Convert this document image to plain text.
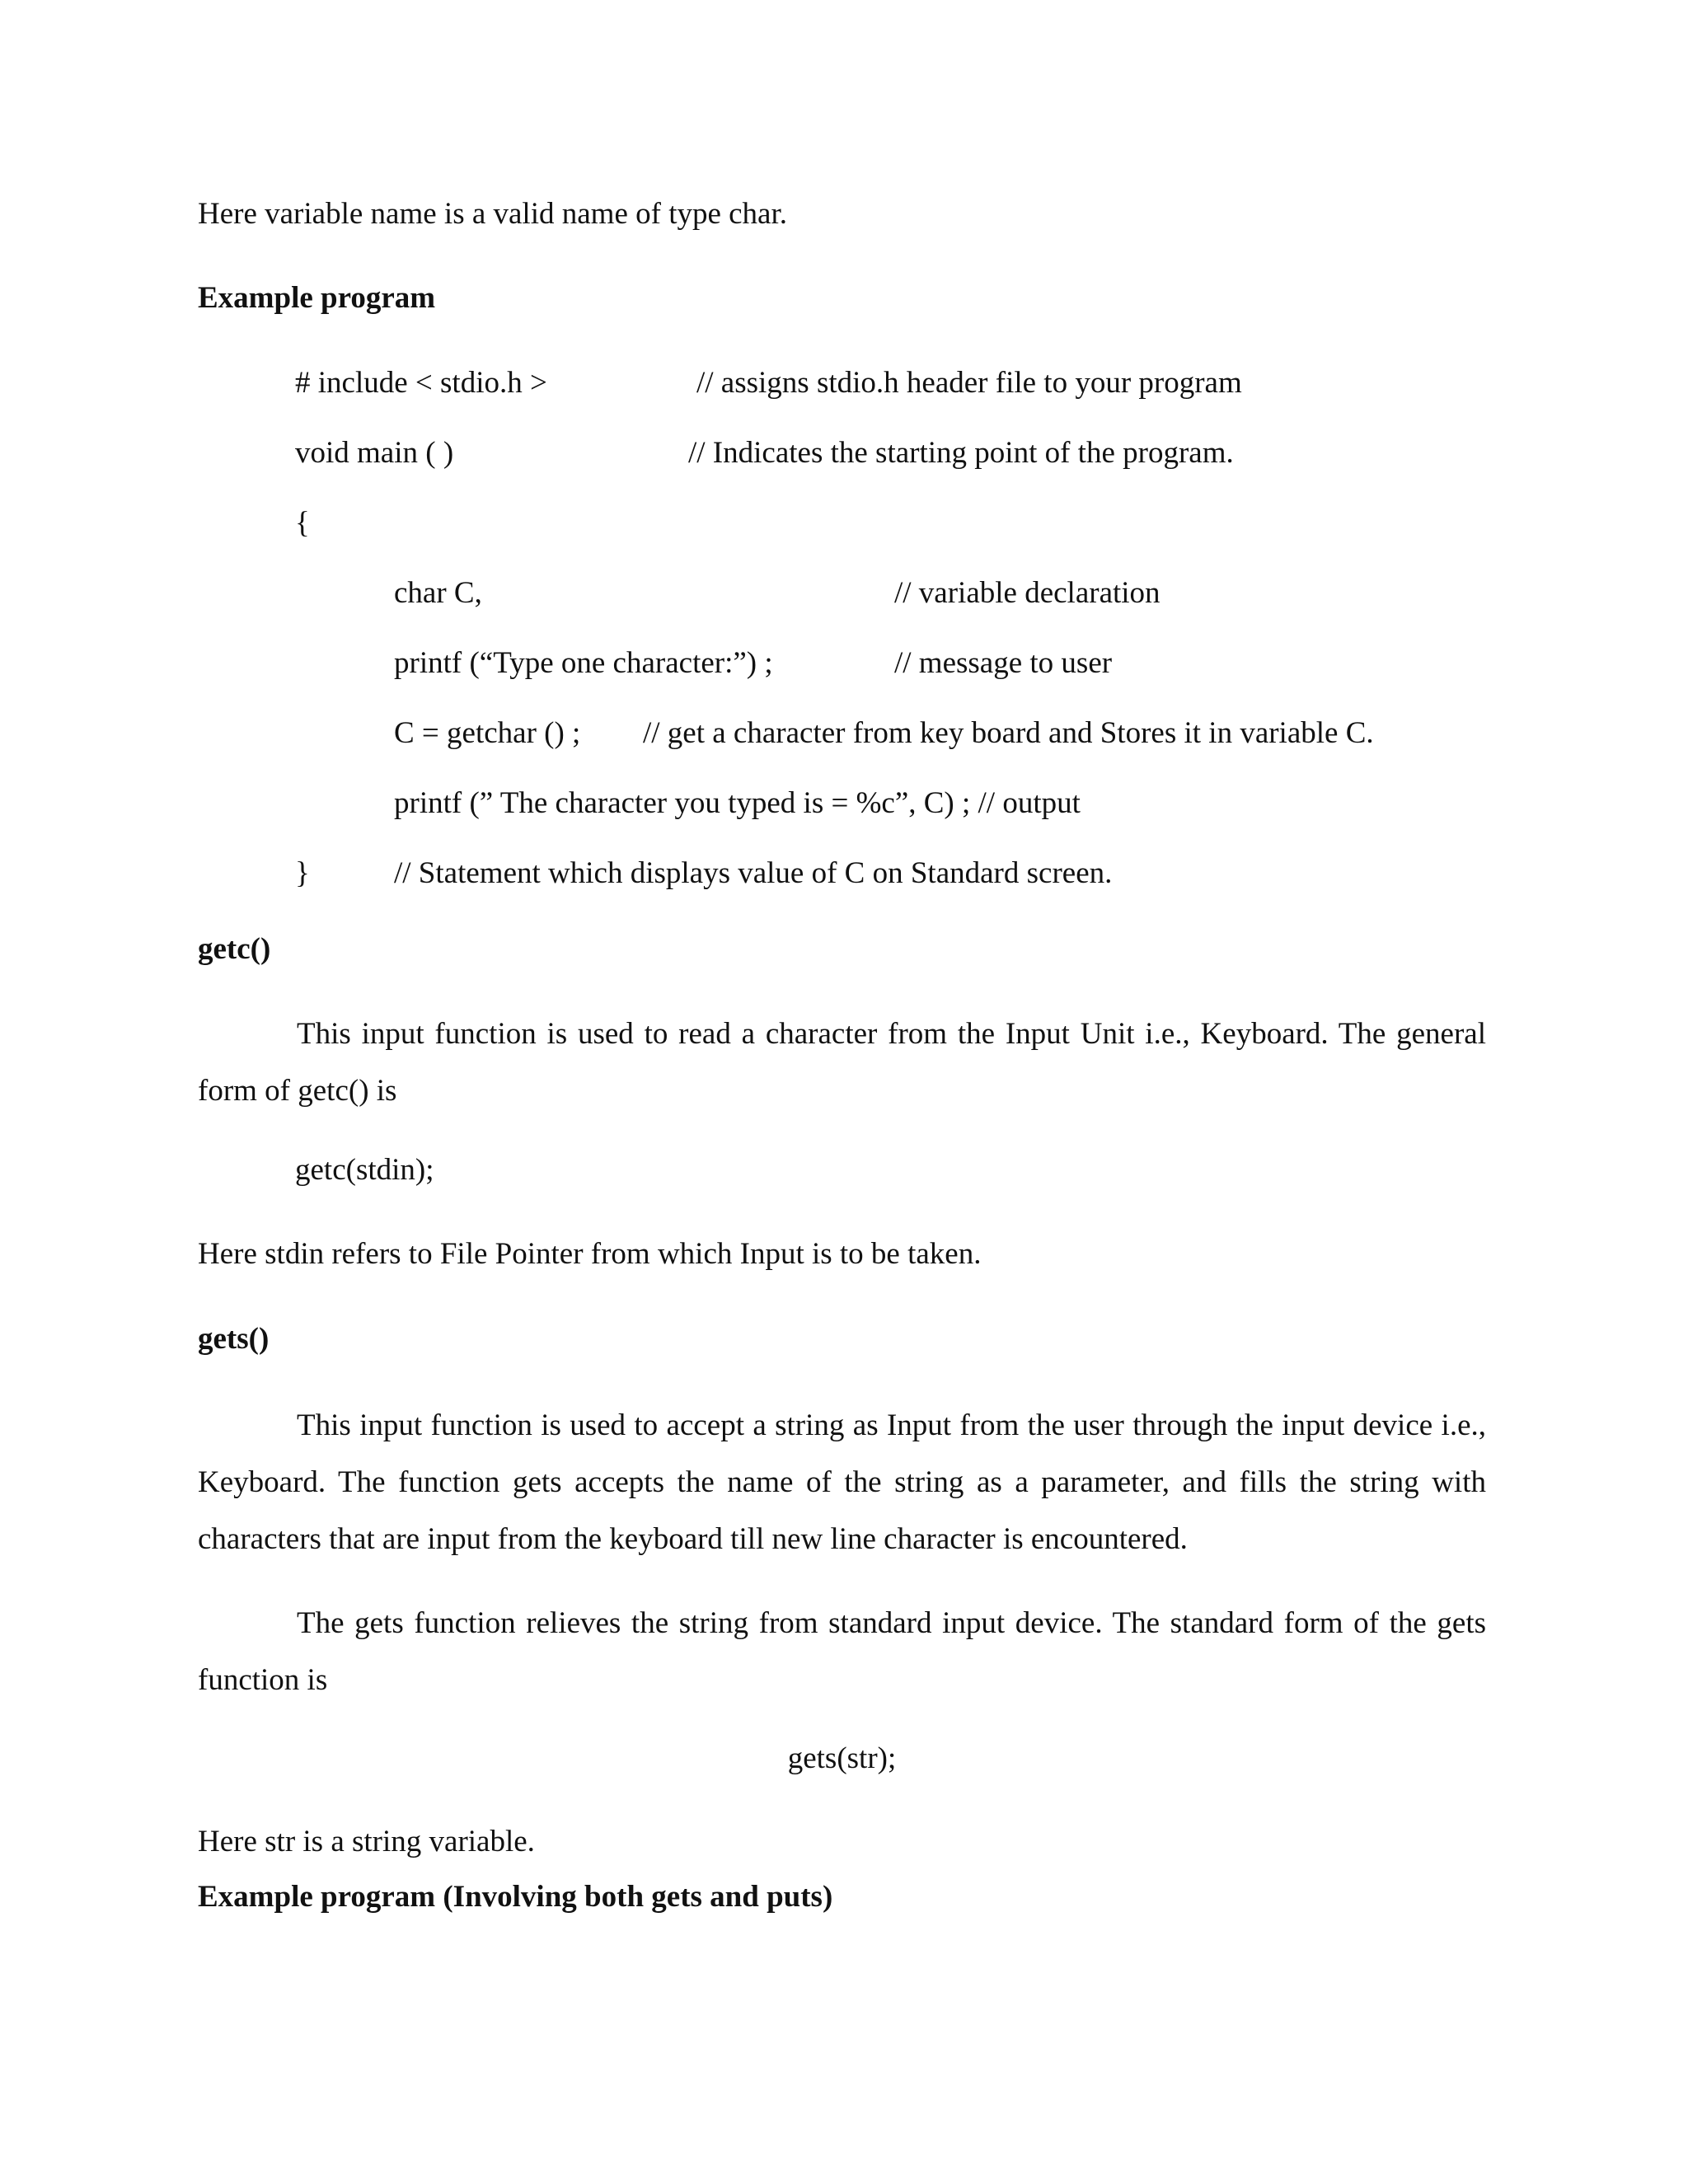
Here variable name is a valid name of type char.
Example program
# include < stdio.h >	// assigns stdio.h header file to your program
void main ( )	// Indicates the starting point of the program.
{
char C,	// variable declaration
printf (“Type one character:”) ;	// message to user
C = getchar () ; // get a character from key board and Stores it in variable C.
printf (” The character you typed is = %c”, C) ; // output
}	// Statement which displays value of C on Standard screen.
getc()
This input function is used to read a character from the Input Unit i.e., Keyboard. The general form of getc() is
getc(stdin);
Here stdin refers to File Pointer from which Input is to be taken.
gets()
This input function is used to accept a string as Input from the user through the input device i.e., Keyboard. The function gets accepts the name of the string as a parameter, and fills the string with characters that are input from the keyboard till new line character is encountered.
The gets function relieves the string from standard input device. The standard form of the gets function is
gets(str);
Here str is a string variable.
Example program (Involving both gets and puts)
